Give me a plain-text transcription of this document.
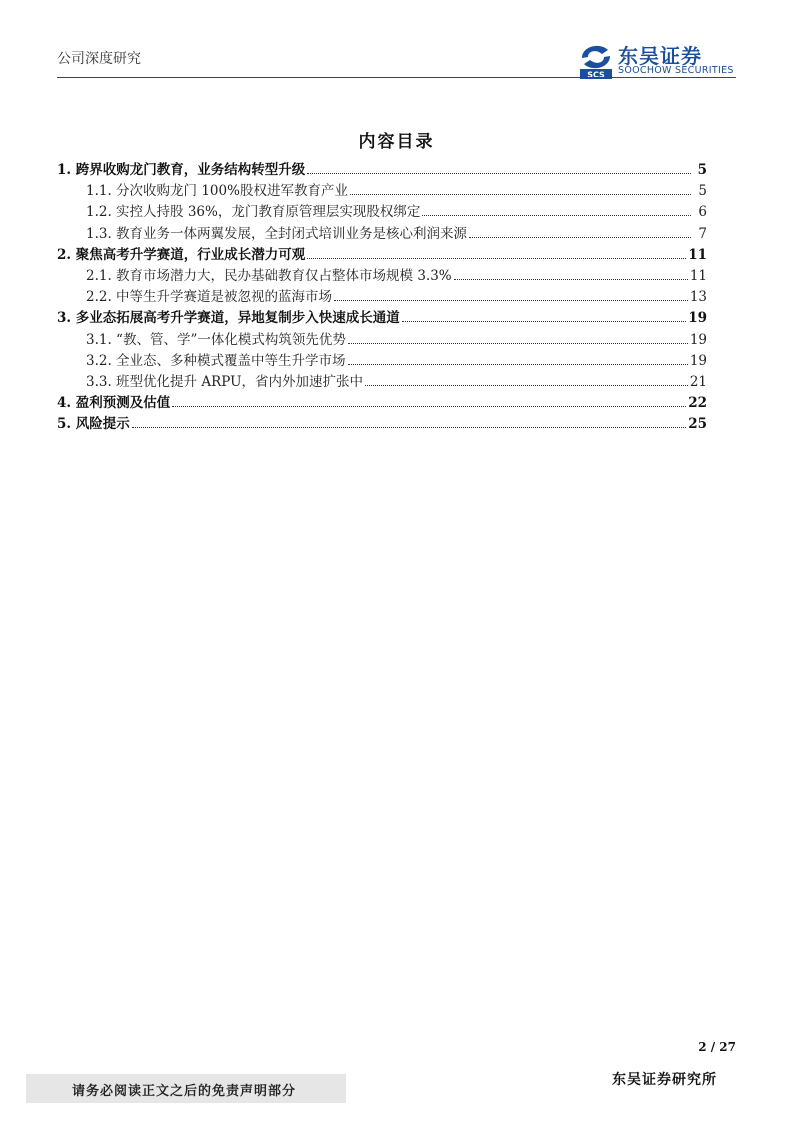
公司深度研究
SCS
东吴证券
SOOCHOW SECURITIES
内容目录
1. 跨界收购龙门教育，业务结构转型升级	5
1.1. 分次收购龙门 100%股权进军教育产业	5
1.2. 实控人持股 36%，龙门教育原管理层实现股权绑定	6
1.3. 教育业务一体两翼发展，全封闭式培训业务是核心利润来源	7
2. 聚焦高考升学赛道，行业成长潜力可观	11
2.1. 教育市场潜力大，民办基础教育仅占整体市场规模 3.3%	11
2.2. 中等生升学赛道是被忽视的蓝海市场	13
3. 多业态拓展高考升学赛道，异地复制步入快速成长通道	19
3.1. “教、管、学”一体化模式构筑领先优势	19
3.2. 全业态、多种模式覆盖中等生升学市场	19
3.3. 班型优化提升 ARPU，省内外加速扩张中	21
4. 盈利预测及估值	22
5. 风险提示	25
2 / 27
请务必阅读正文之后的免责声明部分
东吴证券研究所
